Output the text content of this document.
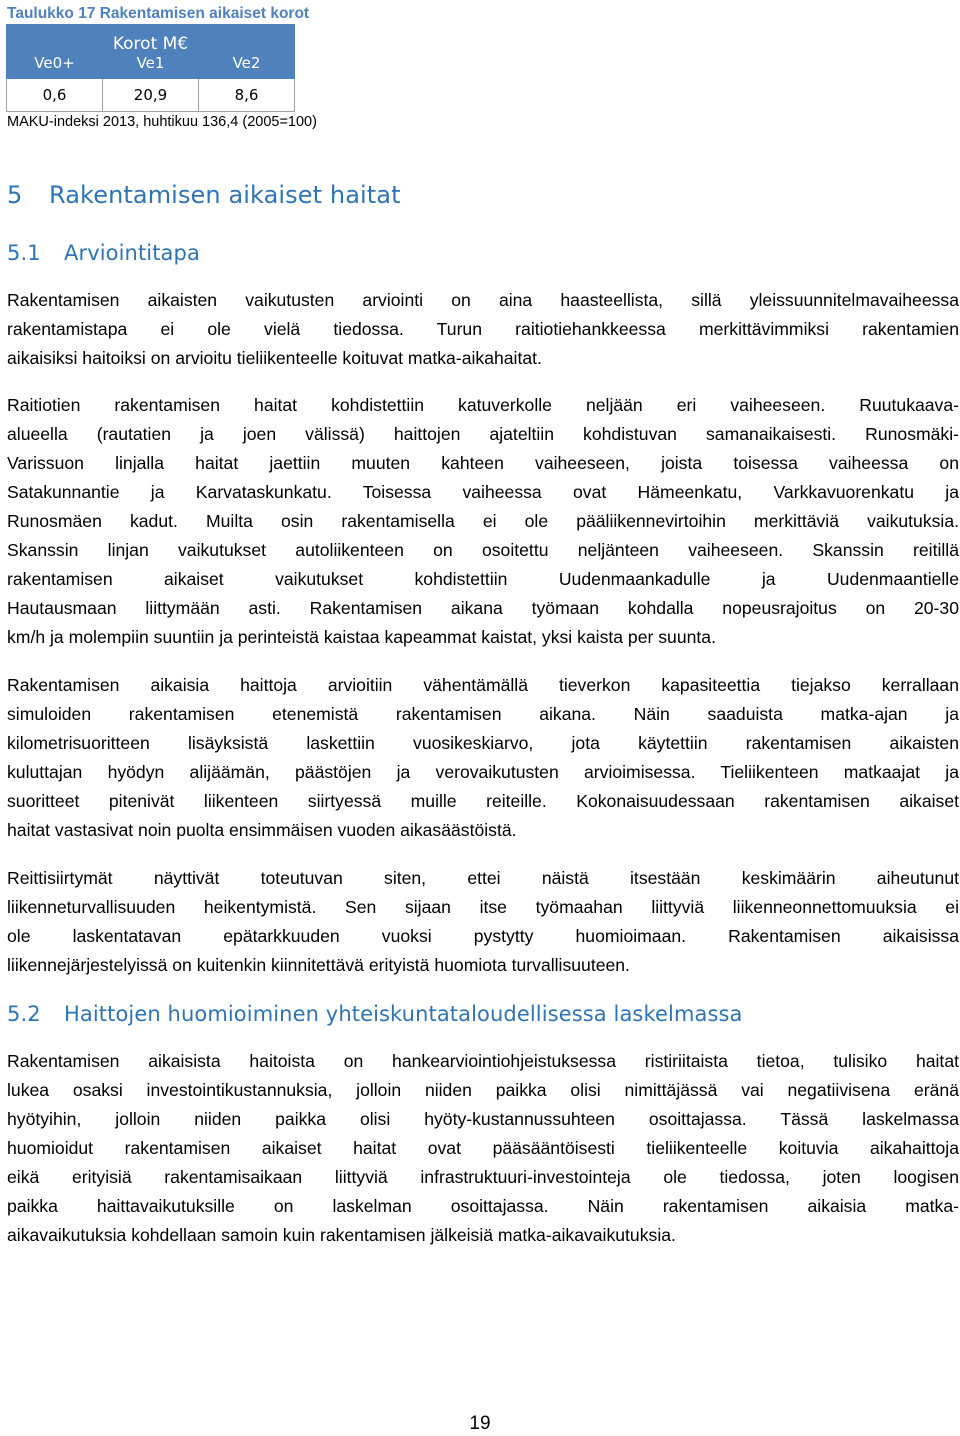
Taulukko 17 Rakentamisen aikaiset korot
Korot M€		
Ve0+	Ve1	Ve2
0,6	20,9	8,6
MAKU-indeksi 2013, huhtikuu 136,4 (2005=100)
5 Rakentamisen aikaiset haitat
5.1 Arviointitapa
Rakentamisen aikaisten vaikutusten arviointi on aina haasteellista, sillä yleissuunnitelmavaiheessa
rakentamistapa ei ole vielä tiedossa. Turun raitiotiehankkeessa merkittävimmiksi rakentamien
aikaisiksi haitoiksi on arvioitu tieliikenteelle koituvat matka-aikahaitat.
Raitiotien rakentamisen haitat kohdistettiin katuverkolle neljään eri vaiheeseen. Ruutukaava-
alueella (rautatien ja joen välissä) haittojen ajateltiin kohdistuvan samanaikaisesti. Runosmäki-
Varissuon linjalla haitat jaettiin muuten kahteen vaiheeseen, joista toisessa vaiheessa on
Satakunnantie ja Karvataskunkatu. Toisessa vaiheessa ovat Hämeenkatu, Varkkavuorenkatu ja
Runosmäen kadut. Muilta osin rakentamisella ei ole pääliikennevirtoihin merkittäviä vaikutuksia.
Skanssin linjan vaikutukset autoliikenteen on osoitettu neljänteen vaiheeseen. Skanssin reitillä
rakentamisen aikaiset vaikutukset kohdistettiin Uudenmaankadulle ja Uudenmaantielle
Hautausmaan liittymään asti. Rakentamisen aikana työmaan kohdalla nopeusrajoitus on 20-30
km/h ja molempiin suuntiin ja perinteistä kaistaa kapeammat kaistat, yksi kaista per suunta.
Rakentamisen aikaisia haittoja arvioitiin vähentämällä tieverkon kapasiteettia tiejakso kerrallaan
simuloiden rakentamisen etenemistä rakentamisen aikana. Näin saaduista matka-ajan ja
kilometrisuoritteen lisäyksistä laskettiin vuosikeskiarvo, jota käytettiin rakentamisen aikaisten
kuluttajan hyödyn alijäämän, päästöjen ja verovaikutusten arvioimisessa. Tieliikenteen matkaajat ja
suoritteet pitenivät liikenteen siirtyessä muille reiteille. Kokonaisuudessaan rakentamisen aikaiset
haitat vastasivat noin puolta ensimmäisen vuoden aikasäästöistä.
Reittisiirtymät näyttivät toteutuvan siten, ettei näistä itsestään keskimäärin aiheutunut
liikenneturvallisuuden heikentymistä. Sen sijaan itse työmaahan liittyviä liikenneonnettomuuksia ei
ole laskentatavan epätarkkuuden vuoksi pystytty huomioimaan. Rakentamisen aikaisissa
liikennejärjestelyissä on kuitenkin kiinnitettävä erityistä huomiota turvallisuuteen.
5.2 Haittojen huomioiminen yhteiskuntataloudellisessa laskelmassa
Rakentamisen aikaisista haitoista on hankearviointiohjeistuksessa ristiriitaista tietoa, tulisiko haitat
lukea osaksi investointikustannuksia, jolloin niiden paikka olisi nimittäjässä vai negatiivisena eränä
hyötyihin, jolloin niiden paikka olisi hyöty-kustannussuhteen osoittajassa. Tässä laskelmassa
huomioidut rakentamisen aikaiset haitat ovat pääsääntöisesti tieliikenteelle koituvia aikahaittoja
eikä erityisiä rakentamisaikaan liittyviä infrastruktuuri-investointeja ole tiedossa, joten loogisen
paikka haittavaikutuksille on laskelman osoittajassa. Näin rakentamisen aikaisia matka-
aikavaikutuksia kohdellaan samoin kuin rakentamisen jälkeisiä matka-aikavaikutuksia.
19
